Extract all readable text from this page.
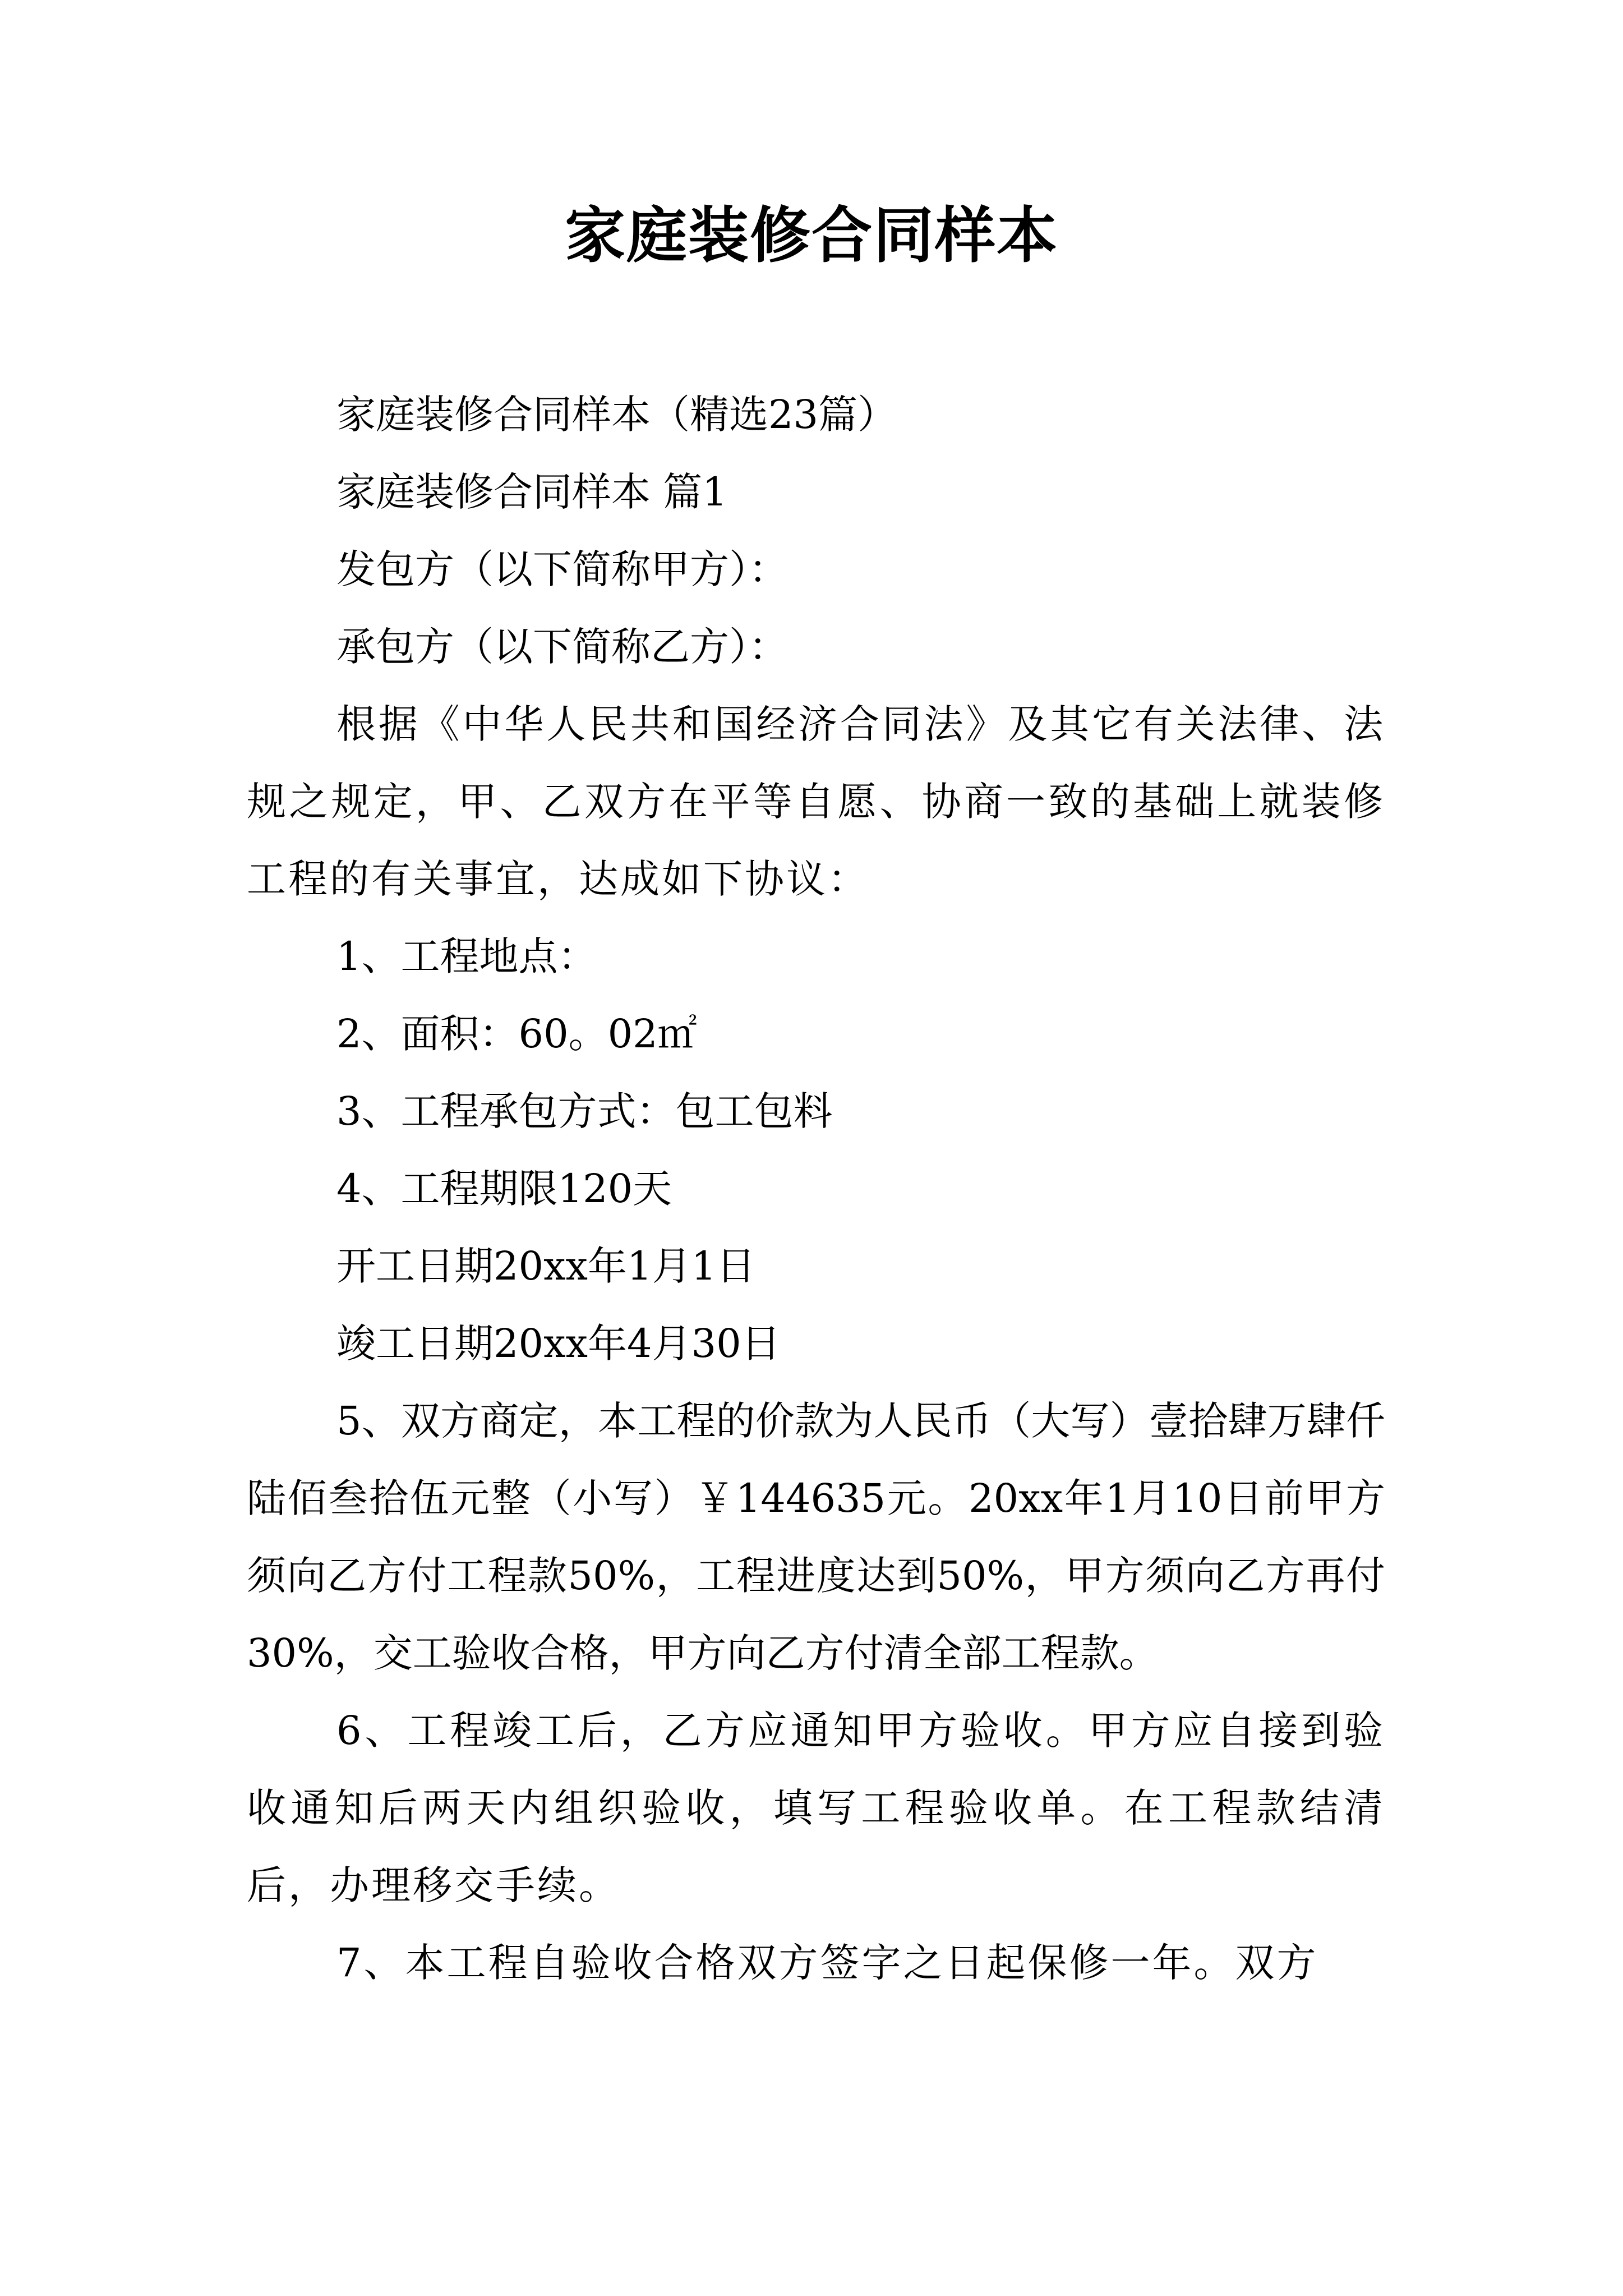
家庭装修合同样本

家庭装修合同样本（精选23篇）

家庭装修合同样本 篇1

发包方（以下简称甲方）：

承包方（以下简称乙方）：

根据《中华人民共和国经济合同法》及其它有关法律、法规之规定，甲、乙双方在平等自愿、协商一致的基础上就装修工程的有关事宜，达成如下协议：

1、工程地点：

2、面积：60。02㎡

3、工程承包方式：包工包料

4、工程期限120天

开工日期20xx年1月1日

竣工日期20xx年4月30日

5、双方商定，本工程的价款为人民币（大写）壹拾肆万肆仟陆佰叁拾伍元整（小写）￥144635元。20xx年1月10日前甲方须向乙方付工程款50%，工程进度达到50%，甲方须向乙方再付30%，交工验收合格，甲方向乙方付清全部工程款。

6、工程竣工后，乙方应通知甲方验收。甲方应自接到验收通知后两天内组织验收，填写工程验收单。在工程款结清后，办理移交手续。

7、本工程自验收合格双方签字之日起保修一年。双方
